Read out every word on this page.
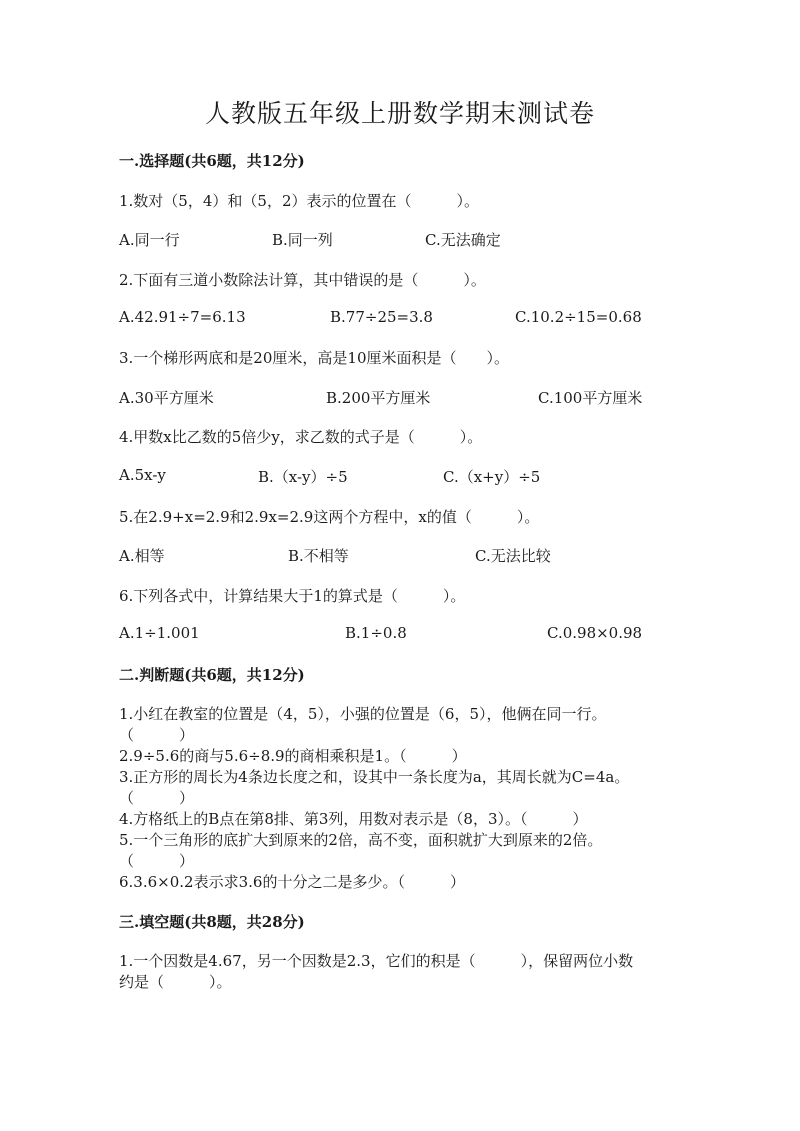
人教版五年级上册数学期末测试卷
一.选择题(共6题，共12分)
1.数对（5，4）和（5，2）表示的位置在（　　　）。
A.同一行	B.同一列	C.无法确定
2.下面有三道小数除法计算，其中错误的是（　　　）。
A.42.91÷7=6.13	B.77÷25=3.8	C.10.2÷15=0.68
3.一个梯形两底和是20厘米，高是10厘米面积是（　　）。
A.30平方厘米	B.200平方厘米	C.100平方厘米
4.甲数x比乙数的5倍少y，求乙数的式子是（　　　）。
A.5x-y	B.（x-y）÷5	C.（x+y）÷5
5.在2.9+x=2.9和2.9x=2.9这两个方程中，x的值（　　　）。
A.相等	B.不相等	C.无法比较
6.下列各式中，计算结果大于1的算式是（　　　）。
A.1÷1.001	B.1÷0.8	C.0.98×0.98
二.判断题(共6题，共12分)
1.小红在教室的位置是（4，5），小强的位置是（6，5），他俩在同一行。
（　　　）
2.9÷5.6的商与5.6÷8.9的商相乘积是1。（　　　）
3.正方形的周长为4条边长度之和，设其中一条长度为a，其周长就为C=4a。
（　　　）
4.方格纸上的B点在第8排、第3列，用数对表示是（8，3）。（　　　）
5.一个三角形的底扩大到原来的2倍，高不变，面积就扩大到原来的2倍。
（　　　）
6.3.6×0.2表示求3.6的十分之二是多少。（　　　）
三.填空题(共8题，共28分)
1.一个因数是4.67，另一个因数是2.3，它们的积是（　　　），保留两位小数
约是（　　　）。
